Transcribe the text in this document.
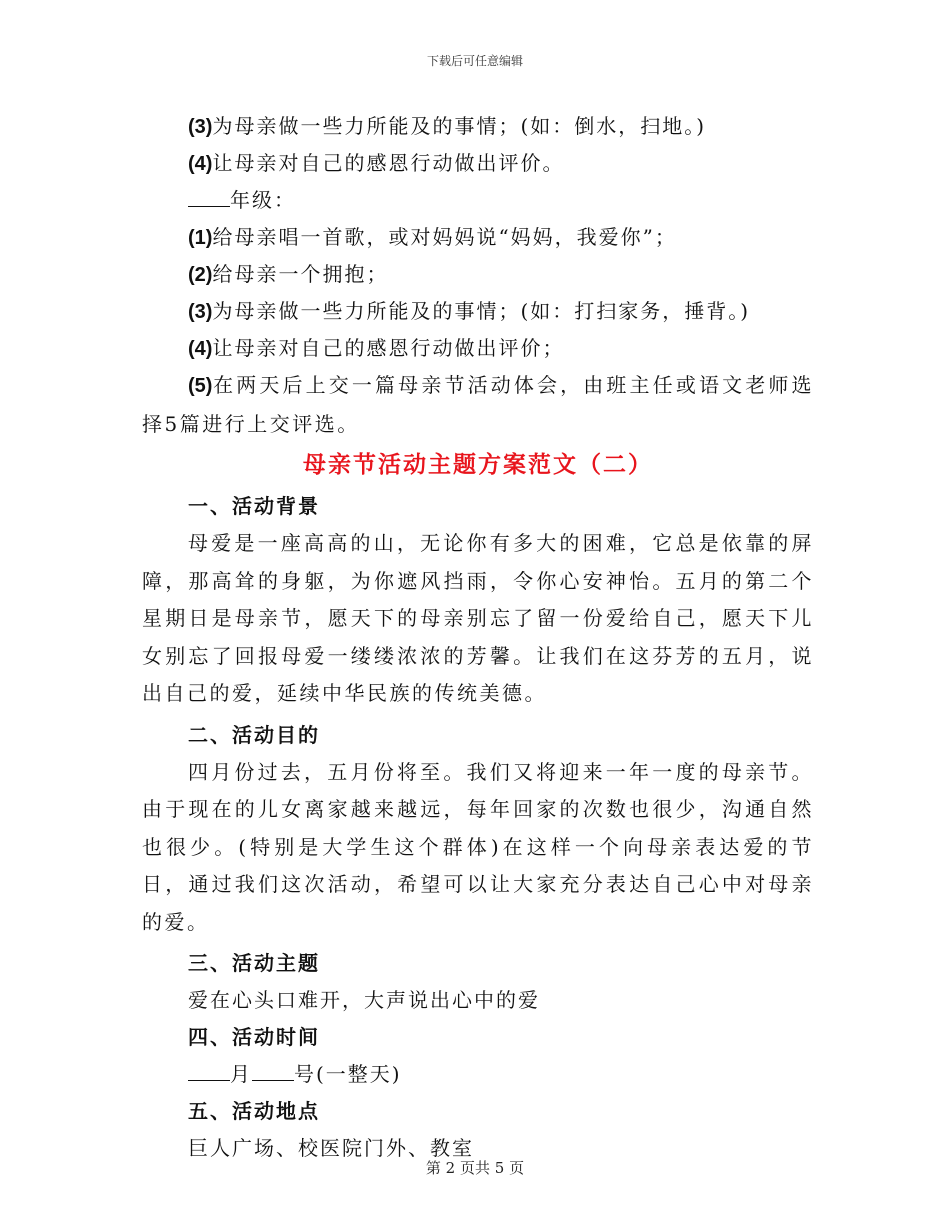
下载后可任意编辑
(3)为母亲做一些力所能及的事情；(如：倒水，扫地。)
(4)让母亲对自己的感恩行动做出评价。
年级：
(1)给母亲唱一首歌，或对妈妈说“妈妈，我爱你”；
(2)给母亲一个拥抱；
(3)为母亲做一些力所能及的事情；(如：打扫家务，捶背。)
(4)让母亲对自己的感恩行动做出评价；
(5)在两天后上交一篇母亲节活动体会，由班主任或语文老师选择5篇进行上交评选。
母亲节活动主题方案范文（二）
一、活动背景
母爱是一座高高的山，无论你有多大的困难，它总是依靠的屏障，那高耸的身躯，为你遮风挡雨，令你心安神怡。五月的第二个星期日是母亲节，愿天下的母亲别忘了留一份爱给自己，愿天下儿女别忘了回报母爱一缕缕浓浓的芳馨。让我们在这芬芳的五月，说出自己的爱，延续中华民族的传统美德。
二、活动目的
四月份过去，五月份将至。我们又将迎来一年一度的母亲节。由于现在的儿女离家越来越远，每年回家的次数也很少，沟通自然也很少。(特别是大学生这个群体)在这样一个向母亲表达爱的节日，通过我们这次活动，希望可以让大家充分表达自己心中对母亲的爱。
三、活动主题
爱在心头口难开，大声说出心中的爱
四、活动时间
月 号(一整天)
五、活动地点
巨人广场、校医院门外、教室
第 2 页共 5 页
